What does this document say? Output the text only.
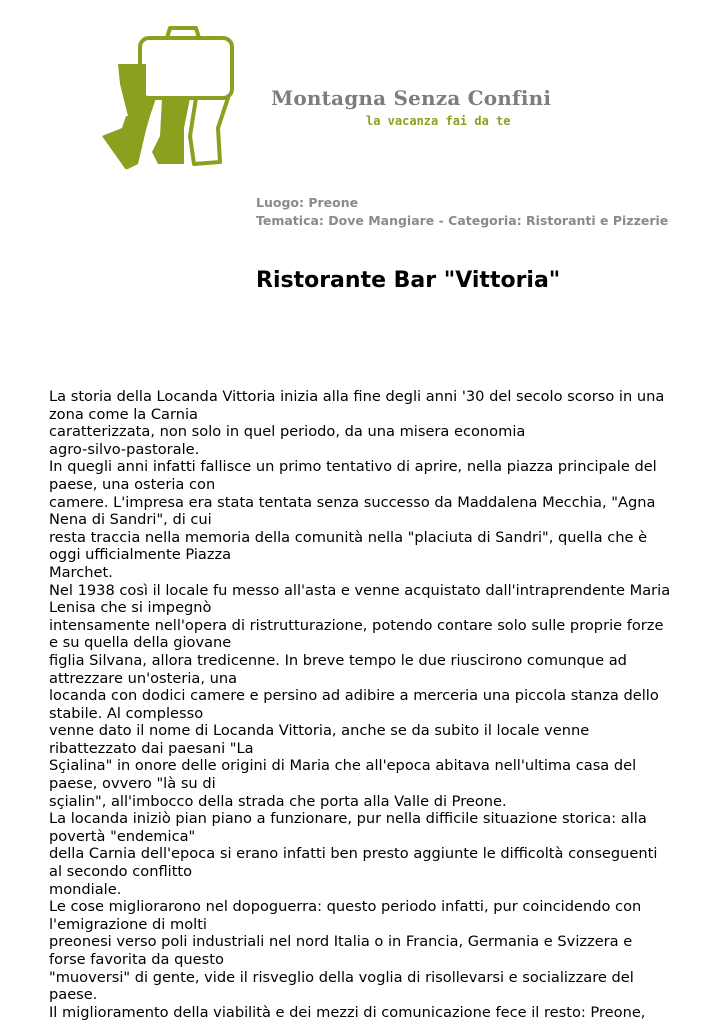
Montagna Senza Confini
la vacanza fai da te
Luogo: Preone
Tematica: Dove Mangiare - Categoria: Ristoranti e Pizzerie
Ristorante Bar "Vittoria"
La storia della Locanda Vittoria inizia alla fine degli anni '30 del secolo scorso in una
zona come la Carnia
caratterizzata, non solo in quel periodo, da una misera economia
agro-silvo-pastorale.
In quegli anni infatti fallisce un primo tentativo di aprire, nella piazza principale del
paese, una osteria con
camere. L'impresa era stata tentata senza successo da Maddalena Mecchia, "Agna
Nena di Sandri", di cui
resta traccia nella memoria della comunità nella "placiuta di Sandri", quella che è
oggi ufficialmente Piazza
Marchet.
Nel 1938 così il locale fu messo all'asta e venne acquistato dall'intraprendente Maria
Lenisa che si impegnò
intensamente nell'opera di ristrutturazione, potendo contare solo sulle proprie forze
e su quella della giovane
figlia Silvana, allora tredicenne. In breve tempo le due riuscirono comunque ad
attrezzare un'osteria, una
locanda con dodici camere e persino ad adibire a merceria una piccola stanza dello
stabile. Al complesso
venne dato il nome di Locanda Vittoria, anche se da subito il locale venne
ribattezzato dai paesani "La
Sçialina" in onore delle origini di Maria che all'epoca abitava nell'ultima casa del
paese, ovvero "là su di
sçialin", all'imbocco della strada che porta alla Valle di Preone.
La locanda iniziò pian piano a funzionare, pur nella difficile situazione storica: alla
povertà "endemica"
della Carnia dell'epoca si erano infatti ben presto aggiunte le difficoltà conseguenti
al secondo conflitto
mondiale.
Le cose migliorarono nel dopoguerra: questo periodo infatti, pur coincidendo con
l'emigrazione di molti
preonesi verso poli industriali nel nord Italia o in Francia, Germania e Svizzera e
forse favorita da questo
"muoversi" di gente, vide il risveglio della voglia di risollevarsi e socializzare del
paese.
Il miglioramento della viabilità e dei mezzi di comunicazione fece il resto: Preone,
